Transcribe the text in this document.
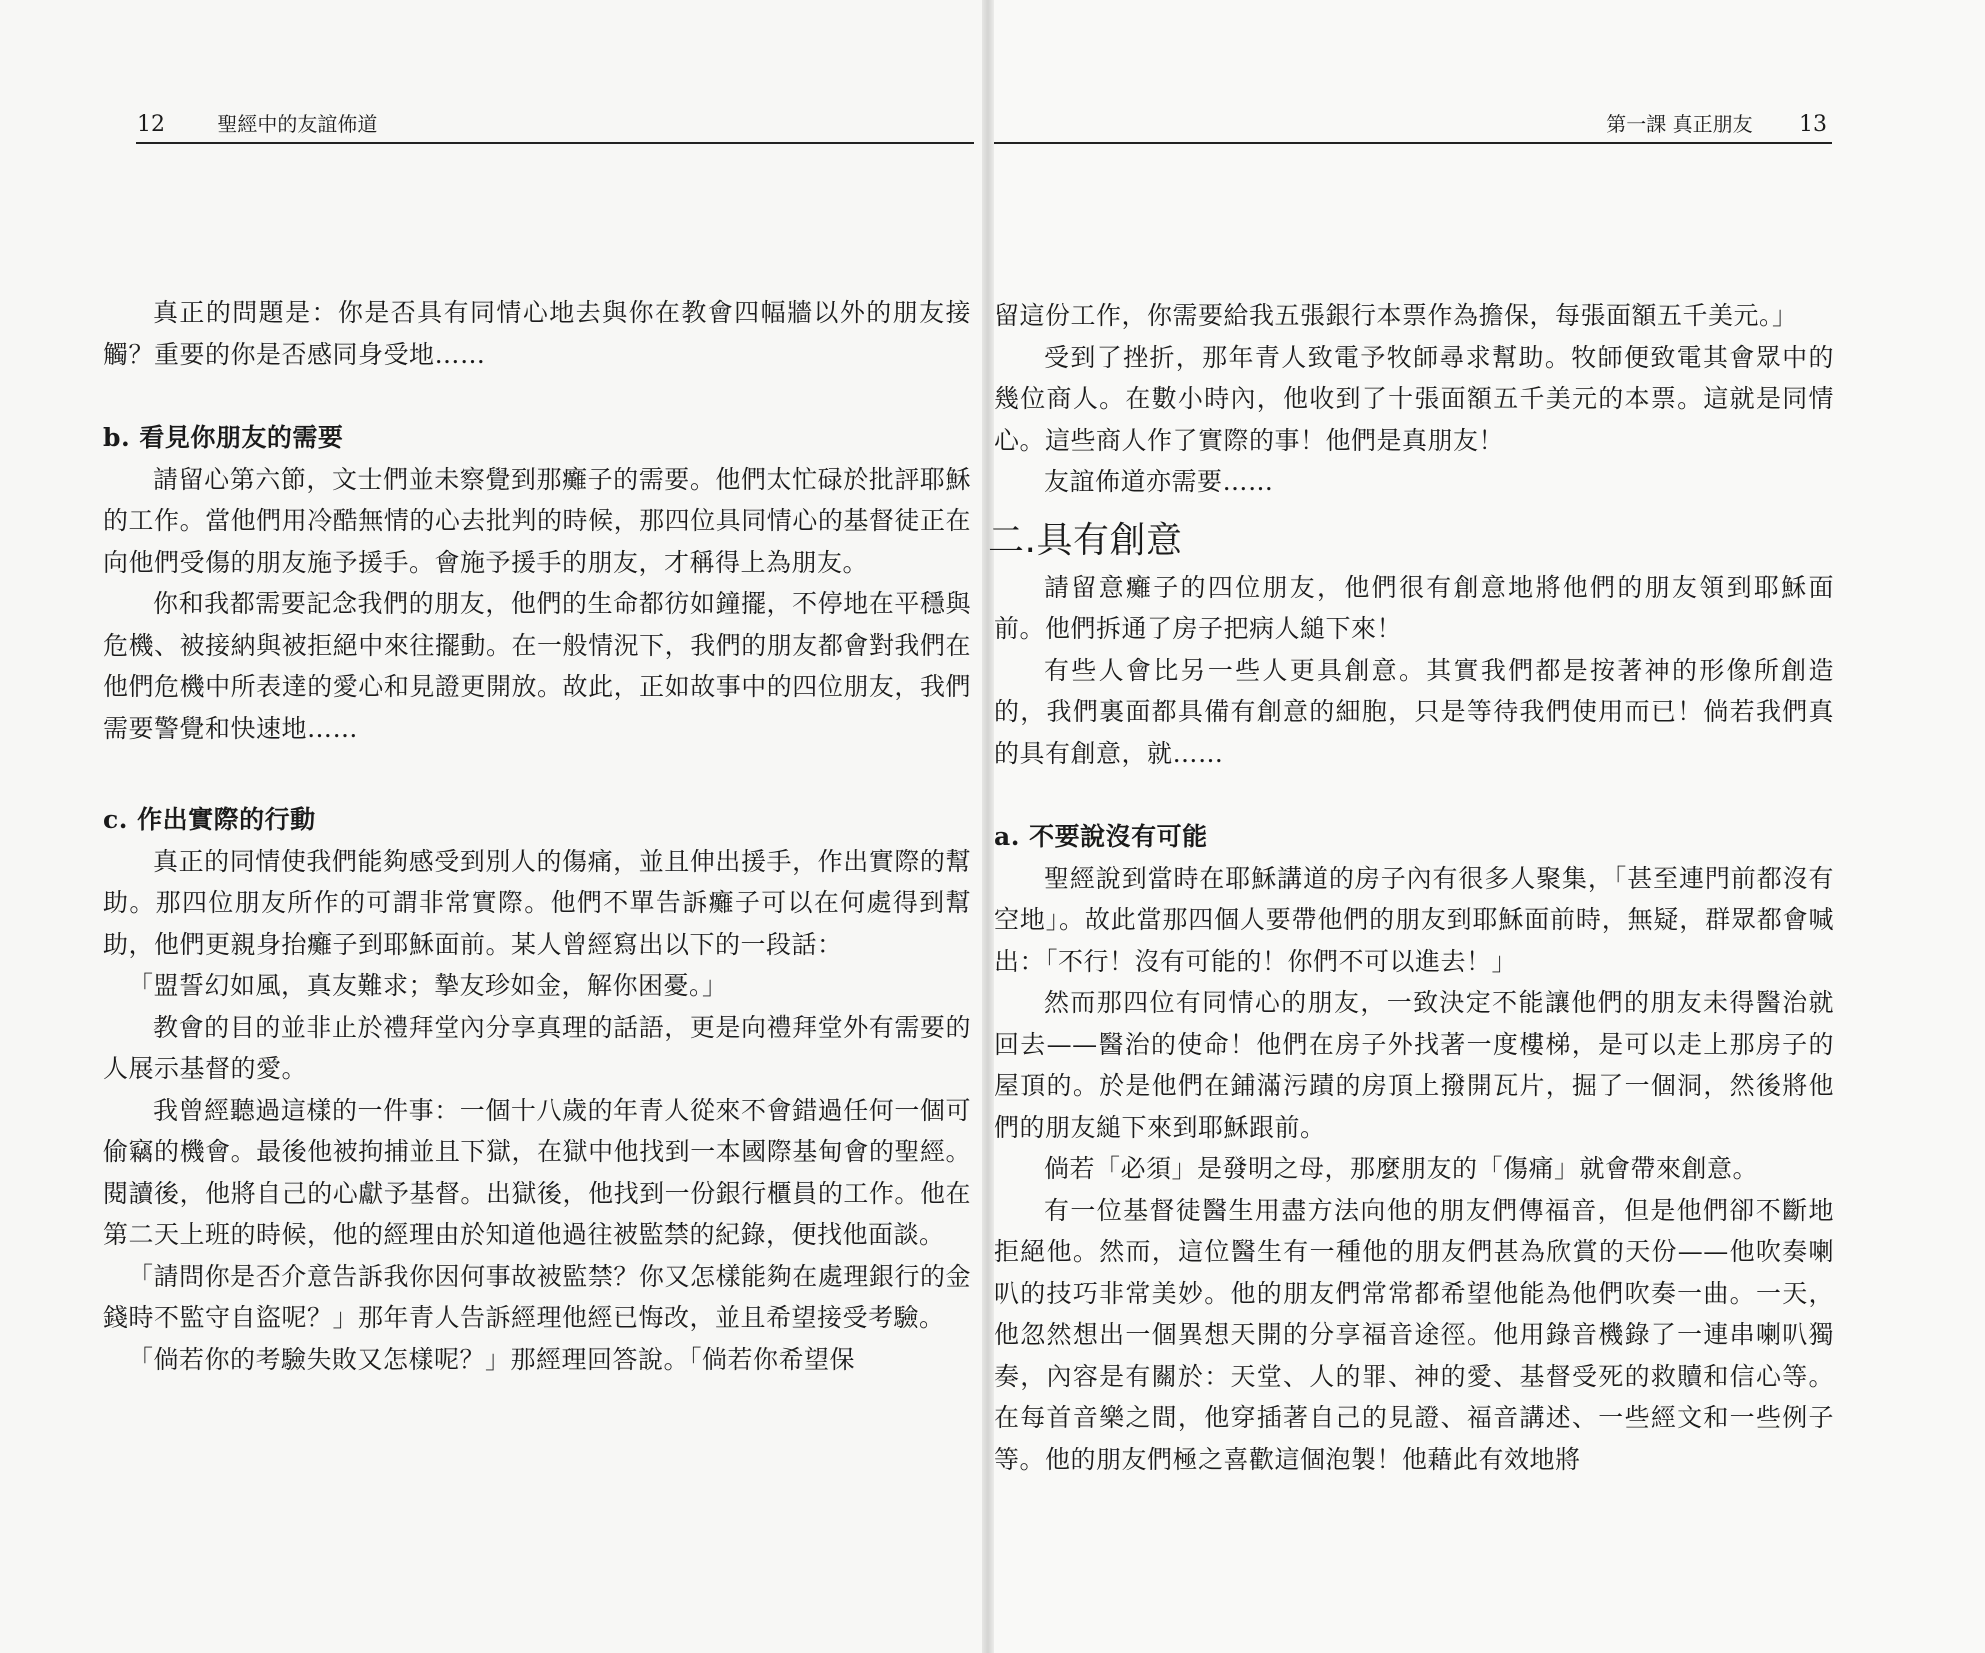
12	聖經中的友誼佈道	第一課 真正朋友 13

真正的問題是：你是否具有同情心地去與你在教會四幅牆以外的朋友接觸？重要的你是否感同身受地……

b. 看見你朋友的需要

請留心第六節，文士們並未察覺到那癱子的需要。他們太忙碌於批評耶穌的工作。當他們用冷酷無情的心去批判的時候，那四位具同情心的基督徒正在向他們受傷的朋友施予援手。會施予援手的朋友，才稱得上為朋友。

你和我都需要記念我們的朋友，他們的生命都彷如鐘擺，不停地在平穩與危機、被接納與被拒絕中來往擺動。在一般情況下，我們的朋友都會對我們在他們危機中所表達的愛心和見證更開放。故此，正如故事中的四位朋友，我們需要警覺和快速地……

c. 作出實際的行動

真正的同情使我們能夠感受到別人的傷痛，並且伸出援手，作出實際的幫助。那四位朋友所作的可謂非常實際。他們不單告訴癱子可以在何處得到幫助，他們更親身抬癱子到耶穌面前。某人曾經寫出以下的一段話：

「盟誓幻如風，真友難求；摯友珍如金，解你困憂。」

教會的目的並非止於禮拜堂內分享真理的話語，更是向禮拜堂外有需要的人展示基督的愛。

我曾經聽過這樣的一件事：一個十八歲的年青人從來不會錯過任何一個可偷竊的機會。最後他被拘捕並且下獄，在獄中他找到一本國際基甸會的聖經。閱讀後，他將自己的心獻予基督。出獄後，他找到一份銀行櫃員的工作。他在第二天上班的時候，他的經理由於知道他過往被監禁的紀錄，便找他面談。

「請問你是否介意告訴我你因何事故被監禁？你又怎樣能夠在處理銀行的金錢時不監守自盜呢？」那年青人告訴經理他經已悔改，並且希望接受考驗。

「倘若你的考驗失敗又怎樣呢？」那經理回答說。「倘若你希望保

留這份工作，你需要給我五張銀行本票作為擔保，每張面額五千美元。」

受到了挫折，那年青人致電予牧師尋求幫助。牧師便致電其會眾中的幾位商人。在數小時內，他收到了十張面額五千美元的本票。這就是同情心。這些商人作了實際的事！他們是真朋友！

友誼佈道亦需要……

二.具有創意

請留意癱子的四位朋友，他們很有創意地將他們的朋友領到耶穌面前。他們拆通了房子把病人縋下來！

有些人會比另一些人更具創意。其實我們都是按著神的形像所創造的，我們裏面都具備有創意的細胞，只是等待我們使用而已！倘若我們真的具有創意，就……

a. 不要說沒有可能

聖經說到當時在耶穌講道的房子內有很多人聚集，「甚至連門前都沒有空地」。故此當那四個人要帶他們的朋友到耶穌面前時，無疑，群眾都會喊出：「不行！沒有可能的！你們不可以進去！」

然而那四位有同情心的朋友，一致決定不能讓他們的朋友未得醫治就回去——醫治的使命！他們在房子外找著一度樓梯，是可以走上那房子的屋頂的。於是他們在鋪滿污蹟的房頂上撥開瓦片，掘了一個洞，然後將他們的朋友縋下來到耶穌跟前。

倘若「必須」是發明之母，那麼朋友的「傷痛」就會帶來創意。

有一位基督徒醫生用盡方法向他的朋友們傳福音，但是他們卻不斷地拒絕他。然而，這位醫生有一種他的朋友們甚為欣賞的天份——他吹奏喇叭的技巧非常美妙。他的朋友們常常都希望他能為他們吹奏一曲。一天，他忽然想出一個異想天開的分享福音途徑。他用錄音機錄了一連串喇叭獨奏，內容是有關於：天堂、人的罪、神的愛、基督受死的救贖和信心等。在每首音樂之間，他穿插著自己的見證、福音講述、一些經文和一些例子等。他的朋友們極之喜歡這個泡製！他藉此有效地將
